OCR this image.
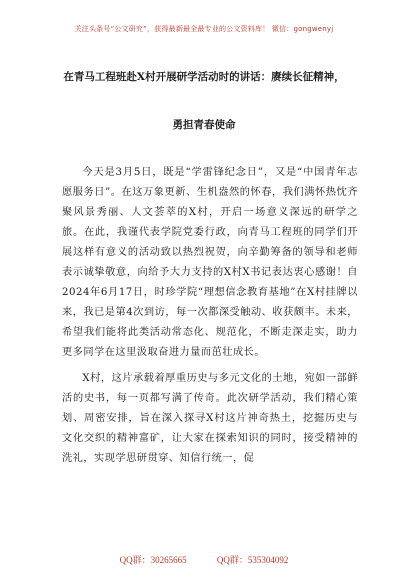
关注头条号“公文研究”，获得最新最全最专业的公文资料库！ 微信：gongwenyj
在青马工程班赴X村开展研学活动时的讲话：赓续长征精神，
勇担青春使命

今天是3月5日，既是“学雷锋纪念日”，又是“中国青年志愿服务日”。在这万象更新、生机盎然的怀春，我们满怀热忱齐聚风景秀丽、人文荟萃的X村，开启一场意义深远的研学之旅。在此，我谨代表学院党委行政，向青马工程班的同学们开展这样有意义的活动致以热烈祝贺，向辛勤筹备的领导和老师表示诚挚敬意，向给予大力支持的X村X书记表达衷心感谢！自2024年6月17日，时珍学院“理想信念教育基地”在X村挂牌以来，我已是第4次到访，每一次都深受触动、收获颇丰。未来，希望我们能将此类活动常态化、规范化，不断走深走实，助力更多同学在这里汲取奋进力量而茁壮成长。

X村，这片承载着厚重历史与多元文化的土地，宛如一部鲜活的史书，每一页都写满了传奇。此次研学活动，我们精心策划、周密安排，旨在深入探寻X村这片神奇热土，挖掘历史与文化交织的精神富矿，让大家在探索知识的同时，接受精神的洗礼，实现学思研贯穿、知信行统一，促

QQ群：30265665	QQ群：535304092
